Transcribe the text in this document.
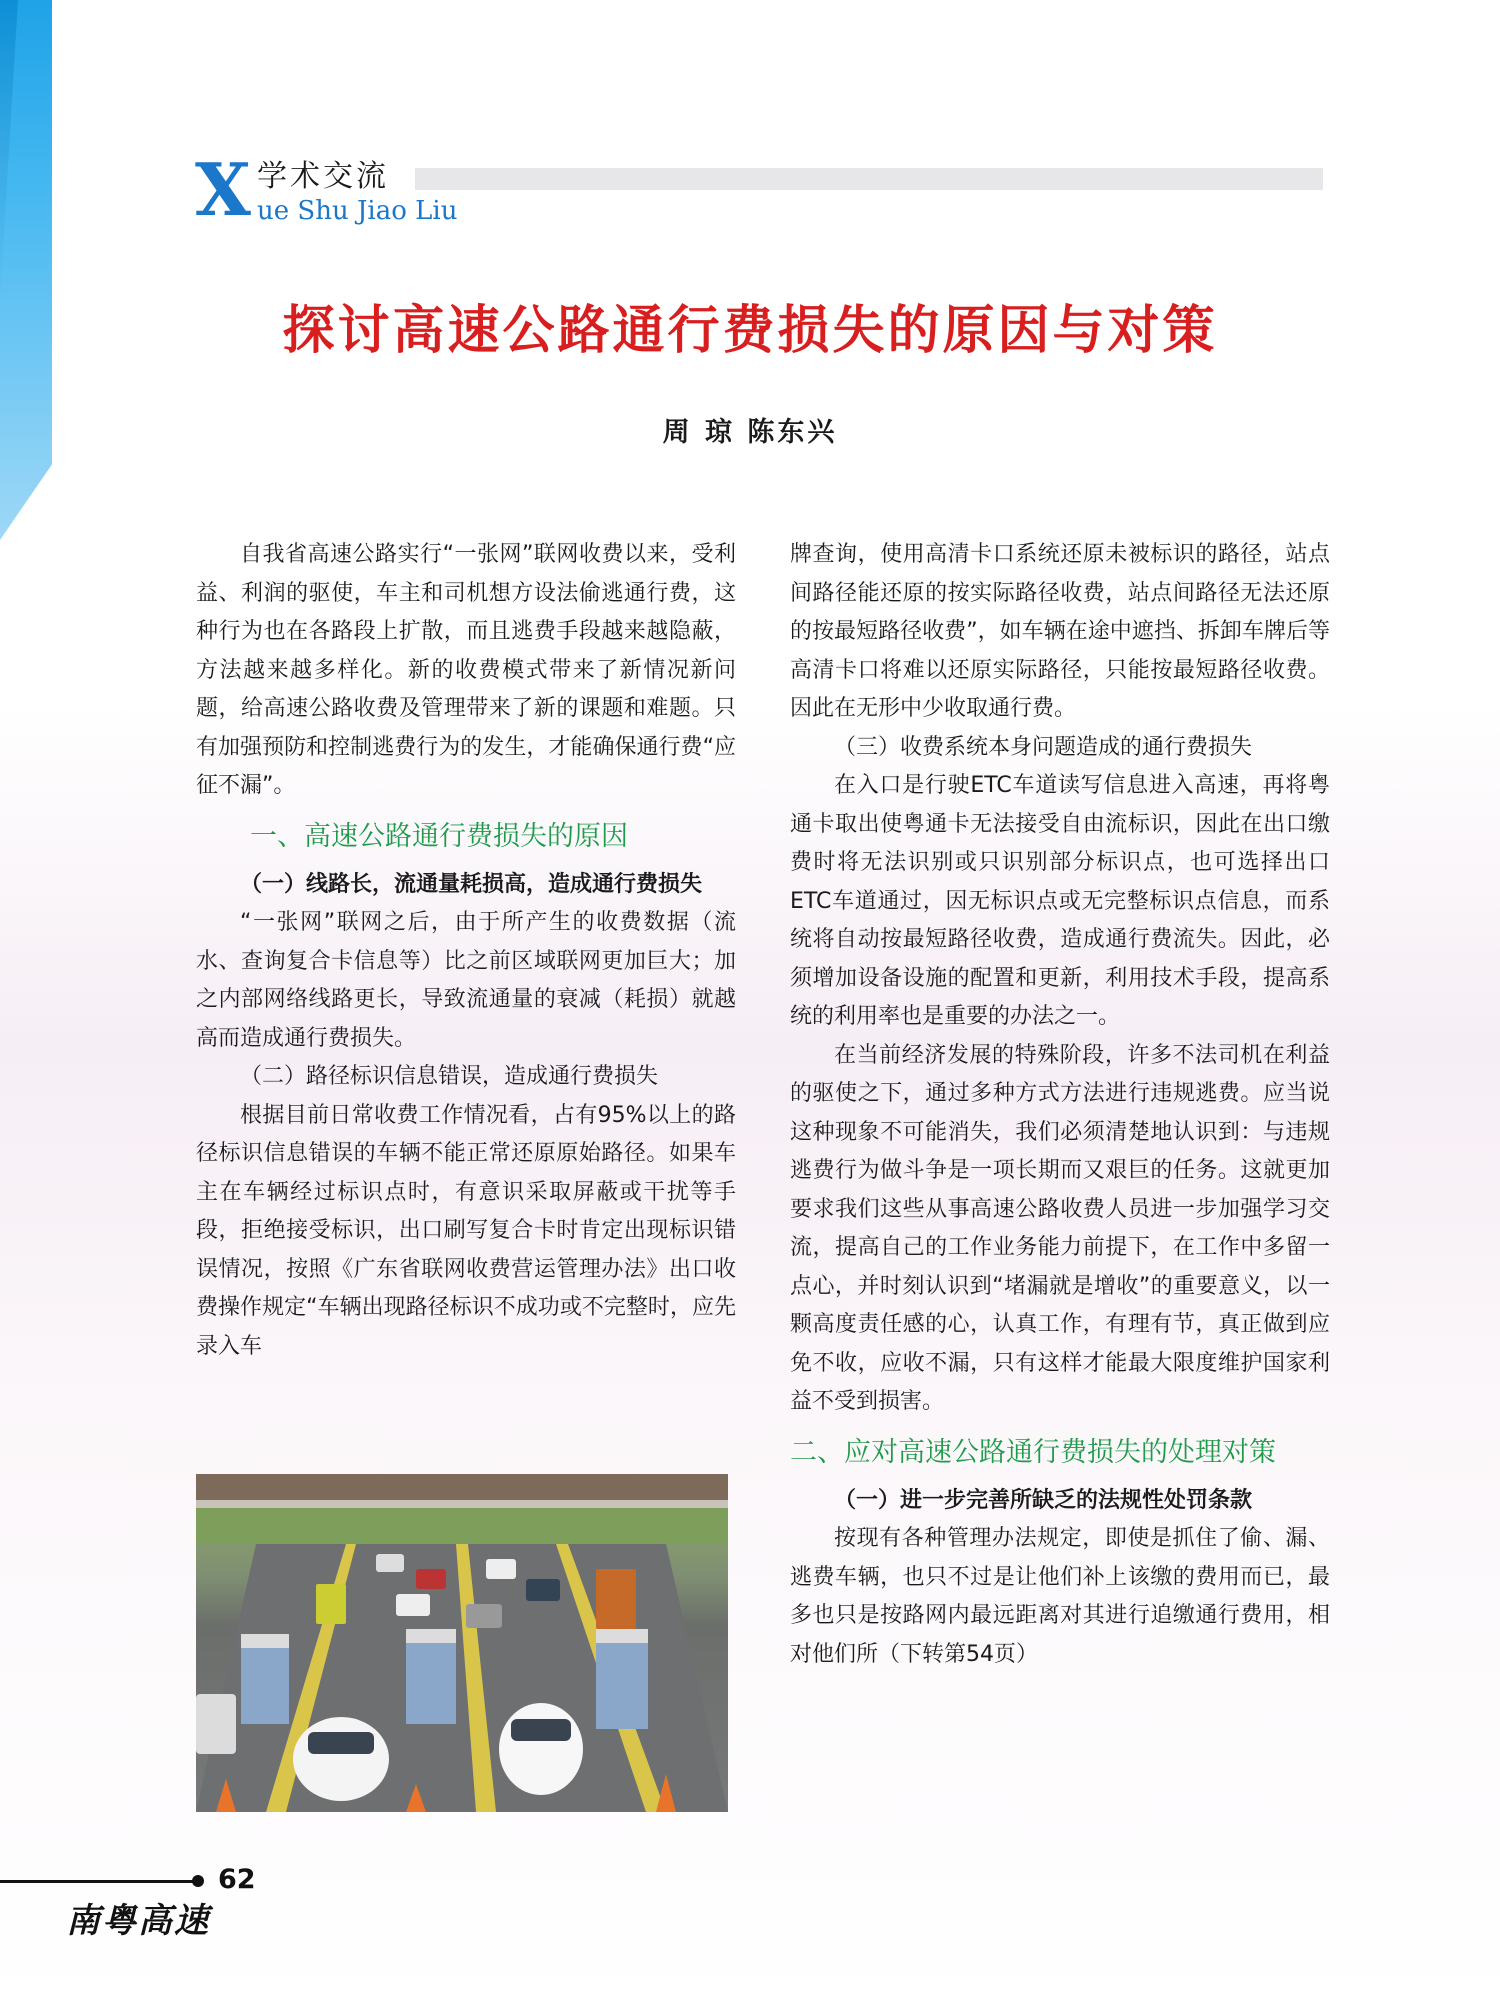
X 学术交流
ue Shu Jiao Liu
探讨高速公路通行费损失的原因与对策
周 琼 陈东兴

自我省高速公路实行“一张网”联网收费以来，受利益、利润的驱使，车主和司机想方设法偷逃通行费，这种行为也在各路段上扩散，而且逃费手段越来越隐蔽，方法越来越多样化。新的收费模式带来了新情况新问题，给高速公路收费及管理带来了新的课题和难题。只有加强预防和控制逃费行为的发生，才能确保通行费“应征不漏”。

一、高速公路通行费损失的原因

（一）线路长，流通量耗损高，造成通行费损失

“一张网”联网之后，由于所产生的收费数据（流水、查询复合卡信息等）比之前区域联网更加巨大；加之内部网络线路更长，导致流通量的衰减（耗损）就越高而造成通行费损失。

（二）路径标识信息错误，造成通行费损失

根据目前日常收费工作情况看，占有95%以上的路径标识信息错误的车辆不能正常还原原始路径。如果车主在车辆经过标识点时，有意识采取屏蔽或干扰等手段，拒绝接受标识，出口刷写复合卡时肯定出现标识错误情况，按照《广东省联网收费营运管理办法》出口收费操作规定“车辆出现路径标识不成功或不完整时，应先录入车

牌查询，使用高清卡口系统还原未被标识的路径，站点间路径能还原的按实际路径收费，站点间路径无法还原的按最短路径收费”，如车辆在途中遮挡、拆卸车牌后等高清卡口将难以还原实际路径，只能按最短路径收费。因此在无形中少收取通行费。

（三）收费系统本身问题造成的通行费损失

在入口是行驶ETC车道读写信息进入高速，再将粤通卡取出使粤通卡无法接受自由流标识，因此在出口缴费时将无法识别或只识别部分标识点，也可选择出口ETC车道通过，因无标识点或无完整标识点信息，而系统将自动按最短路径收费，造成通行费流失。因此，必须增加设备设施的配置和更新，利用技术手段，提高系统的利用率也是重要的办法之一。

在当前经济发展的特殊阶段，许多不法司机在利益的驱使之下，通过多种方式方法进行违规逃费。应当说这种现象不可能消失，我们必须清楚地认识到：与违规逃费行为做斗争是一项长期而又艰巨的任务。这就更加要求我们这些从事高速公路收费人员进一步加强学习交流，提高自己的工作业务能力前提下，在工作中多留一点心，并时刻认识到“堵漏就是增收”的重要意义，以一颗高度责任感的心，认真工作，有理有节，真正做到应免不收，应收不漏，只有这样才能最大限度维护国家利益不受到损害。

二、应对高速公路通行费损失的处理对策

（一）进一步完善所缺乏的法规性处罚条款

按现有各种管理办法规定，即使是抓住了偷、漏、逃费车辆，也只不过是让他们补上该缴的费用而已，最多也只是按路网内最远距离对其进行追缴通行费用，相对他们所（下转第54页）

62
南粤高速
